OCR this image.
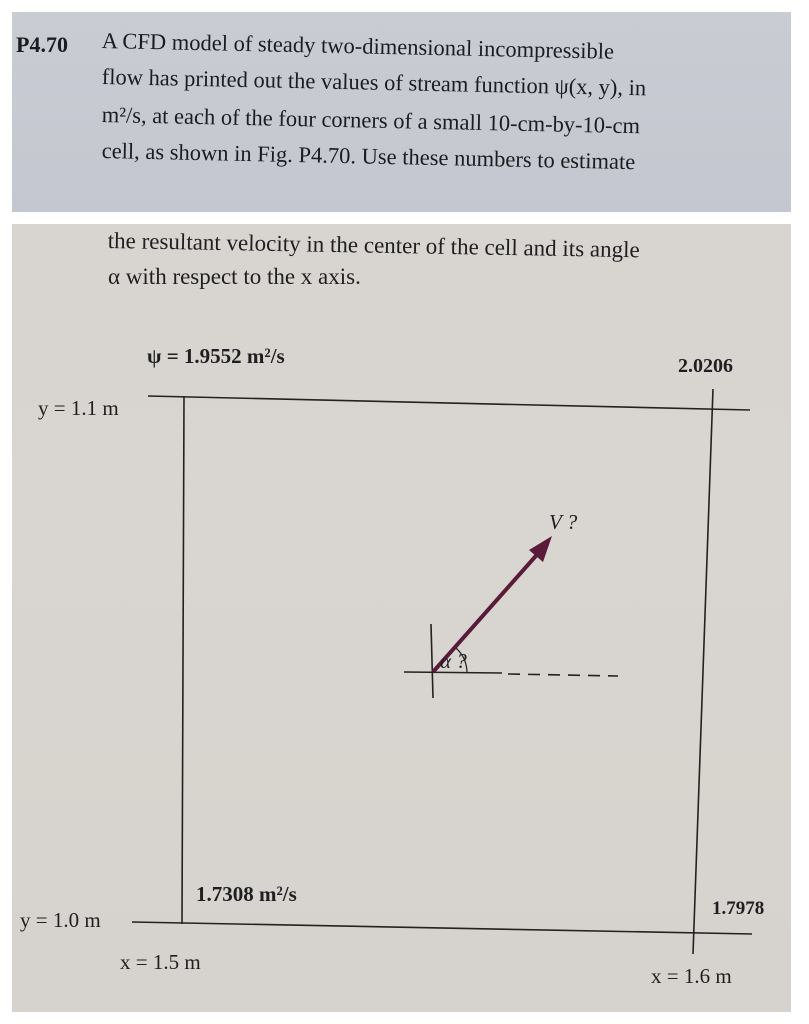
P4.70 A CFD model of steady two-dimensional incompressible
flow has printed out the values of stream function ψ(x, y), in
m²/s, at each of the four corners of a small 10-cm-by-10-cm
cell, as shown in Fig. P4.70. Use these numbers to estimate
the resultant velocity in the center of the cell and its angle
α with respect to the x axis.
ψ = 1.9552 m²/s	2.0206
1.7308 m²/s
1.7978
y = 1.1 m
y = 1.0 m
x = 1.5 m
x = 1.6 m
V ?
α ?
